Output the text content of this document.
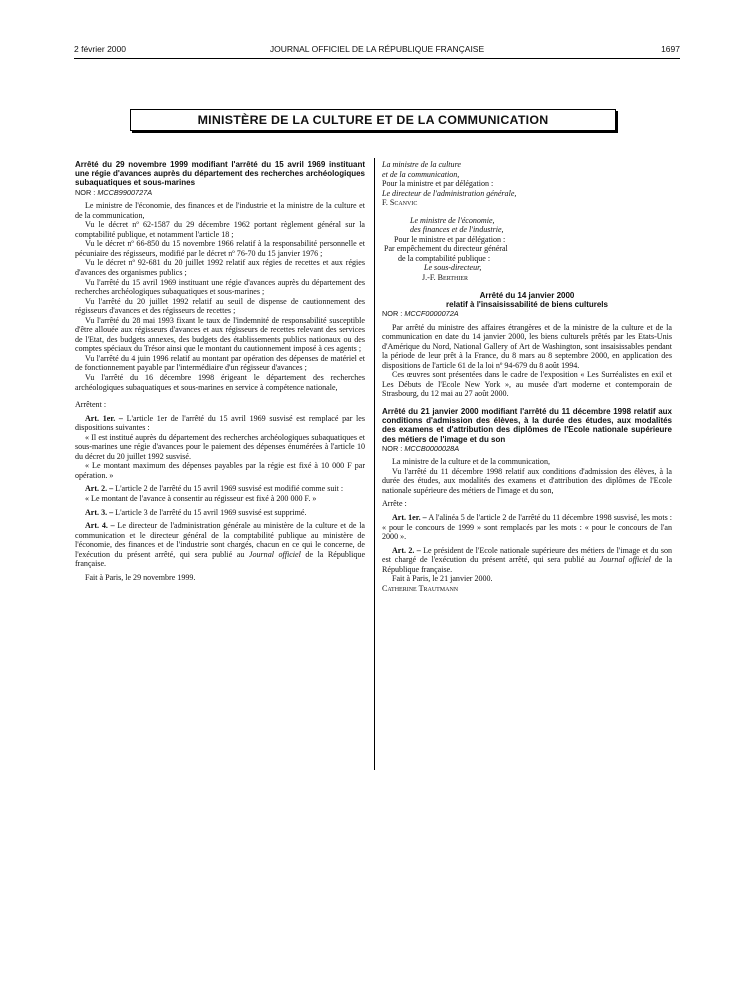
2 février 2000	JOURNAL OFFICIEL DE LA RÉPUBLIQUE FRANÇAISE	1697
MINISTÈRE DE LA CULTURE ET DE LA COMMUNICATION

Arrêté du 29 novembre 1999 modifiant l'arrêté du 15 avril 1969 instituant une régie d'avances auprès du département des recherches archéologiques subaquatiques et sous-marines

NOR : MCCB9900727A

Le ministre de l'économie, des finances et de l'industrie et la ministre de la culture et de la communication,

Vu le décret nº 62-1587 du 29 décembre 1962 portant règlement général sur la comptabilité publique, et notamment l'article 18 ;

Vu le décret nº 66-850 du 15 novembre 1966 relatif à la responsabilité personnelle et pécuniaire des régisseurs, modifié par le décret nº 76-70 du 15 janvier 1976 ;

Vu le décret nº 92-681 du 20 juillet 1992 relatif aux régies de recettes et aux régies d'avances des organismes publics ;

Vu l'arrêté du 15 avril 1969 instituant une régie d'avances auprès du département des recherches archéologiques subaquatiques et sous-marines ;

Vu l'arrêté du 20 juillet 1992 relatif au seuil de dispense de cautionnement des régisseurs d'avances et des régisseurs de recettes ;

Vu l'arrêté du 28 mai 1993 fixant le taux de l'indemnité de responsabilité susceptible d'être allouée aux régisseurs d'avances et aux régisseurs de recettes relevant des services de l'Etat, des budgets annexes, des budgets des établissements publics nationaux ou des comptes spéciaux du Trésor ainsi que le montant du cautionnement imposé à ces agents ;

Vu l'arrêté du 4 juin 1996 relatif au montant par opération des dépenses de matériel et de fonctionnement payable par l'intermédiaire d'un régisseur d'avances ;

Vu l'arrêté du 16 décembre 1998 érigeant le département des recherches archéologiques subaquatiques et sous-marines en service à compétence nationale,

Arrêtent :

Art. 1er. – L'article 1er de l'arrêté du 15 avril 1969 susvisé est remplacé par les dispositions suivantes :

« Il est institué auprès du département des recherches archéologiques subaquatiques et sous-marines une régie d'avances pour le paiement des dépenses énumérées à l'article 10 du décret du 20 juillet 1992 susvisé.

« Le montant maximum des dépenses payables par la régie est fixé à 10 000 F par opération. »

Art. 2. – L'article 2 de l'arrêté du 15 avril 1969 susvisé est modifié comme suit :

« Le montant de l'avance à consentir au régisseur est fixé à 200 000 F. »

Art. 3. – L'article 3 de l'arrêté du 15 avril 1969 susvisé est supprimé.

Art. 4. – Le directeur de l'administration générale au ministère de la culture et de la communication et le directeur général de la comptabilité publique au ministère de l'économie, des finances et de l'industrie sont chargés, chacun en ce qui le concerne, de l'exécution du présent arrêté, qui sera publié au Journal officiel de la République française.

Fait à Paris, le 29 novembre 1999.

La ministre de la culture

et de la communication,

Pour la ministre et par délégation :

Le directeur de l'administration générale,

F. Scanvic

Le ministre de l'économie,

des finances et de l'industrie,

Pour le ministre et par délégation :

Par empêchement du directeur général

de la comptabilité publique :

Le sous-directeur,

J.-F. Berthier

Arrêté du 14 janvier 2000

relatif à l'insaisissabilité de biens culturels

NOR : MCCF0000072A

Par arrêté du ministre des affaires étrangères et de la ministre de la culture et de la communication en date du 14 janvier 2000, les biens culturels prêtés par les Etats-Unis d'Amérique du Nord, National Gallery of Art de Washington, sont insaisissables pendant la période de leur prêt à la France, du 8 mars au 8 septembre 2000, en application des dispositions de l'article 61 de la loi nº 94-679 du 8 août 1994.

Ces œuvres sont présentées dans le cadre de l'exposition « Les Surréalistes en exil et Les Débuts de l'Ecole New York », au musée d'art moderne et contemporain de Strasbourg, du 12 mai au 27 août 2000.

Arrêté du 21 janvier 2000 modifiant l'arrêté du 11 décembre 1998 relatif aux conditions d'admission des élèves, à la durée des études, aux modalités des examens et d'attribution des diplômes de l'Ecole nationale supérieure des métiers de l'image et du son

NOR : MCCB0000028A

La ministre de la culture et de la communication,

Vu l'arrêté du 11 décembre 1998 relatif aux conditions d'admission des élèves, à la durée des études, aux modalités des examens et d'attribution des diplômes de l'Ecole nationale supérieure des métiers de l'image et du son,

Arrête :

Art. 1er. – A l'alinéa 5 de l'article 2 de l'arrêté du 11 décembre 1998 susvisé, les mots : « pour le concours de 1999 » sont remplacés par les mots : « pour le concours de l'an 2000 ».

Art. 2. – Le président de l'Ecole nationale supérieure des métiers de l'image et du son est chargé de l'exécution du présent arrêté, qui sera publié au Journal officiel de la République française.

Fait à Paris, le 21 janvier 2000.

Catherine Trautmann
